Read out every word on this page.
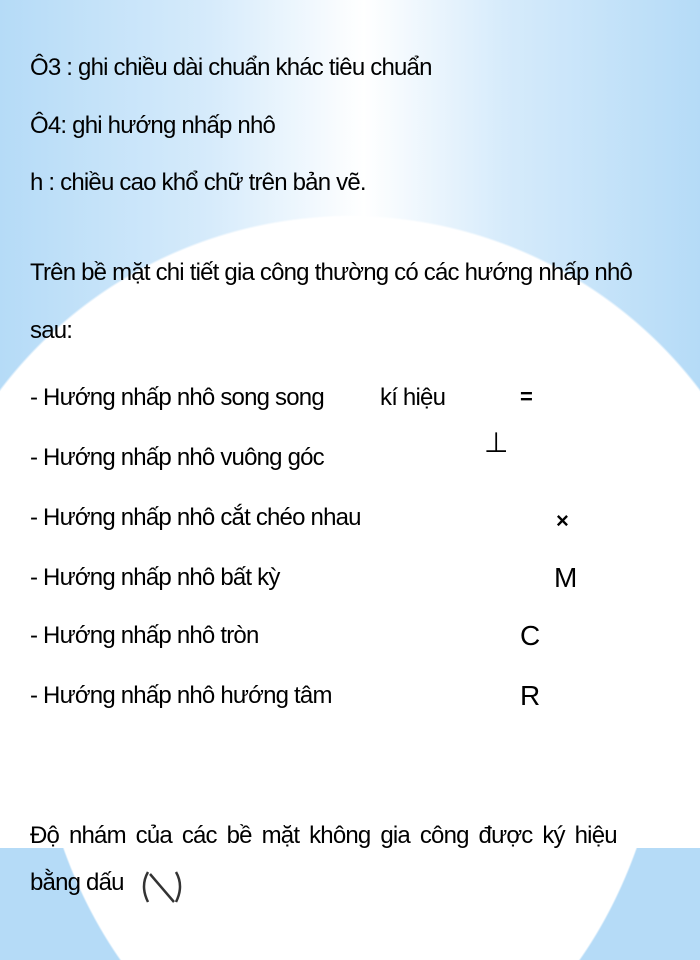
Ô3 : ghi chiều dài chuẩn khác tiêu chuẩn
Ô4: ghi hướng nhấp nhô
h : chiều cao khổ chữ trên bản vẽ.
Trên bề mặt chi tiết gia công thường có các hướng nhấp nhô
sau:
- Hướng nhấp nhô song song kí hiệu	=
- Hướng nhấp nhô vuông góc	⊥
- Hướng nhấp nhô cắt chéo nhau	×
- Hướng nhấp nhô bất kỳ	M
- Hướng nhấp nhô tròn	C
- Hướng nhấp nhô hướng tâm	R
Độ nhám của các bề mặt không gia công được ký hiệu
bằng dấu
